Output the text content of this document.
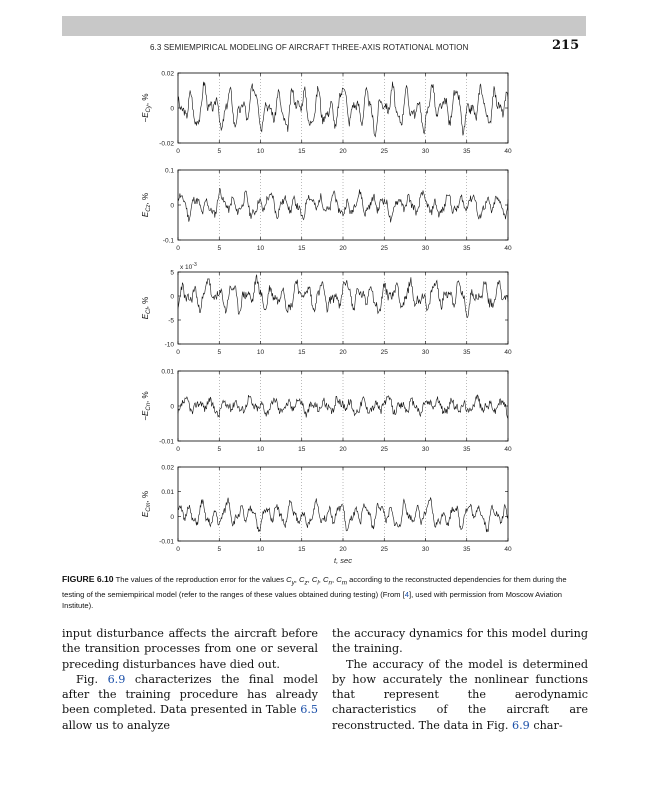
6.3 SEMIEMPIRICAL MODELING OF AIRCRAFT THREE-AXIS ROTATIONAL MOTION	215
0	5	10	15	20	25	30	35	40
-0.02
0
0.02
$-E_{Cy}$, %
0	5	10	15	20	25	30	35	40
-0.1
0
0.1
$E_{Cz}$, %
0	5	10	15	20	25	30	35	40
-10
-5
0
5
x $10^{-3}$
$E_{Cl}$, %
0	5	10	15	20	25	30	35	40
-0.01
0
0.01
$-E_{Cn}$, %
0	5	10	15	20	25	30	35	40
-0.01
0
0.01
0.02
$E_{Cm}$, %
t, sec
FIGURE 6.10 The values of the reproduction error for the values $C_y$, $C_z$, $C_l$, $C_n$, $C_m$ according to the reconstructed dependencies for them during the testing of the semiempirical model (refer to the ranges of these values obtained during testing) (From [4], used with permission from Moscow Aviation Institute).

input disturbance affects the aircraft before the transition processes from one or several preceding disturbances have died out.

Fig. 6.9 characterizes the final model after the training procedure has already been completed. Data presented in Table 6.5 allow us to analyze

the accuracy dynamics for this model during the training.

The accuracy of the model is determined by how accurately the nonlinear functions that represent the aerodynamic characteristics of the aircraft are reconstructed. The data in Fig. 6.9 char-
